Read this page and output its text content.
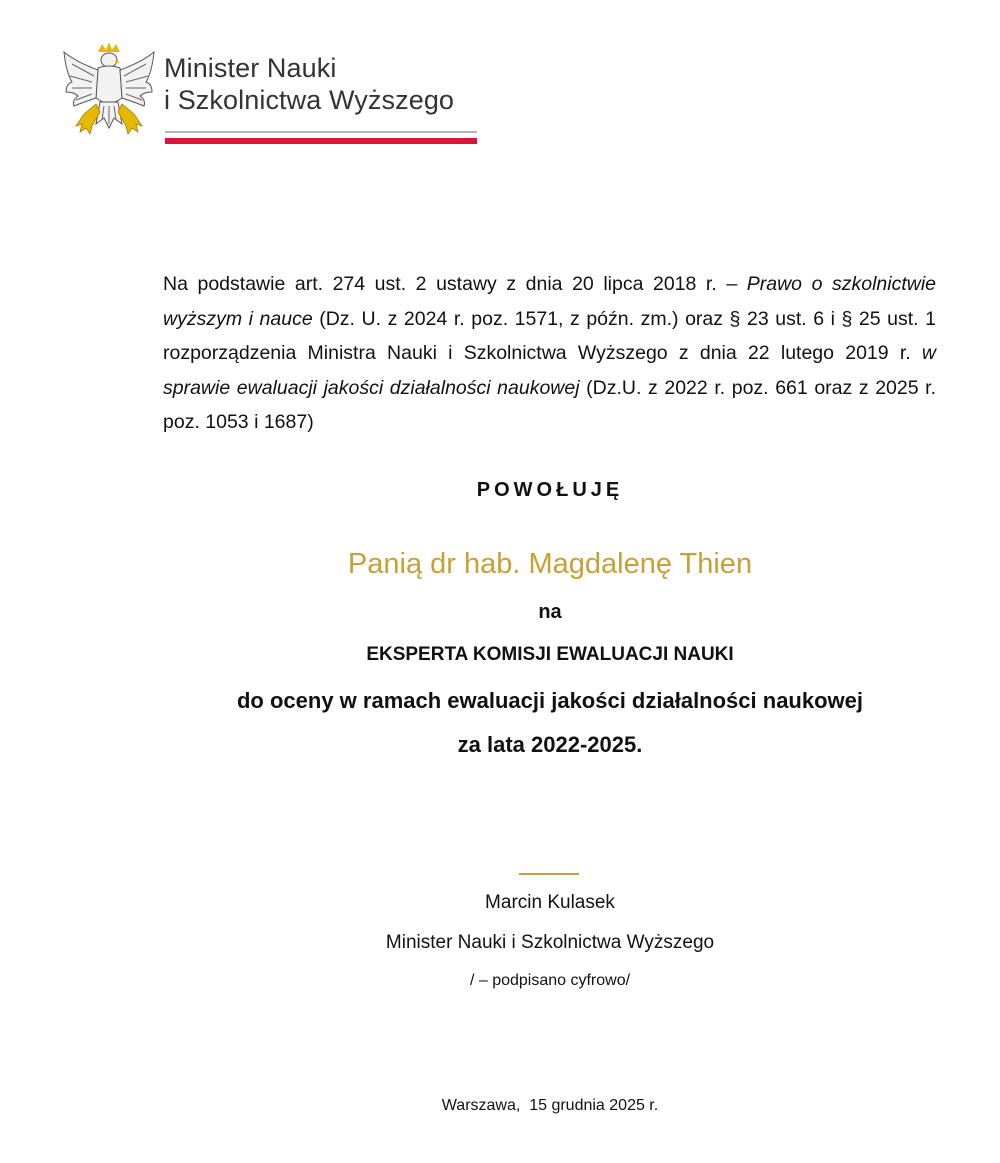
Minister Nauki
i Szkolnictwa Wyższego

Na podstawie art. 274 ust. 2 ustawy z dnia 20 lipca 2018 r. – Prawo o szkolnictwie wyższym i nauce (Dz. U. z 2024 r. poz. 1571, z późn. zm.) oraz § 23 ust. 6 i § 25 ust. 1 rozporządzenia Ministra Nauki i Szkolnictwa Wyższego z dnia 22 lutego 2019 r. w sprawie ewaluacji jakości działalności naukowej (Dz.U. z 2022 r. poz. 661 oraz z 2025 r. poz. 1053 i 1687)

POWOŁUJĘ

Panią dr hab. Magdalenę Thien

na

EKSPERTA KOMISJI EWALUACJI NAUKI

do oceny w ramach ewaluacji jakości działalności naukowej

za lata 2022-2025.

Marcin Kulasek

Minister Nauki i Szkolnictwa Wyższego

/ – podpisano cyfrowo/

Warszawa,  15 grudnia 2025 r.
